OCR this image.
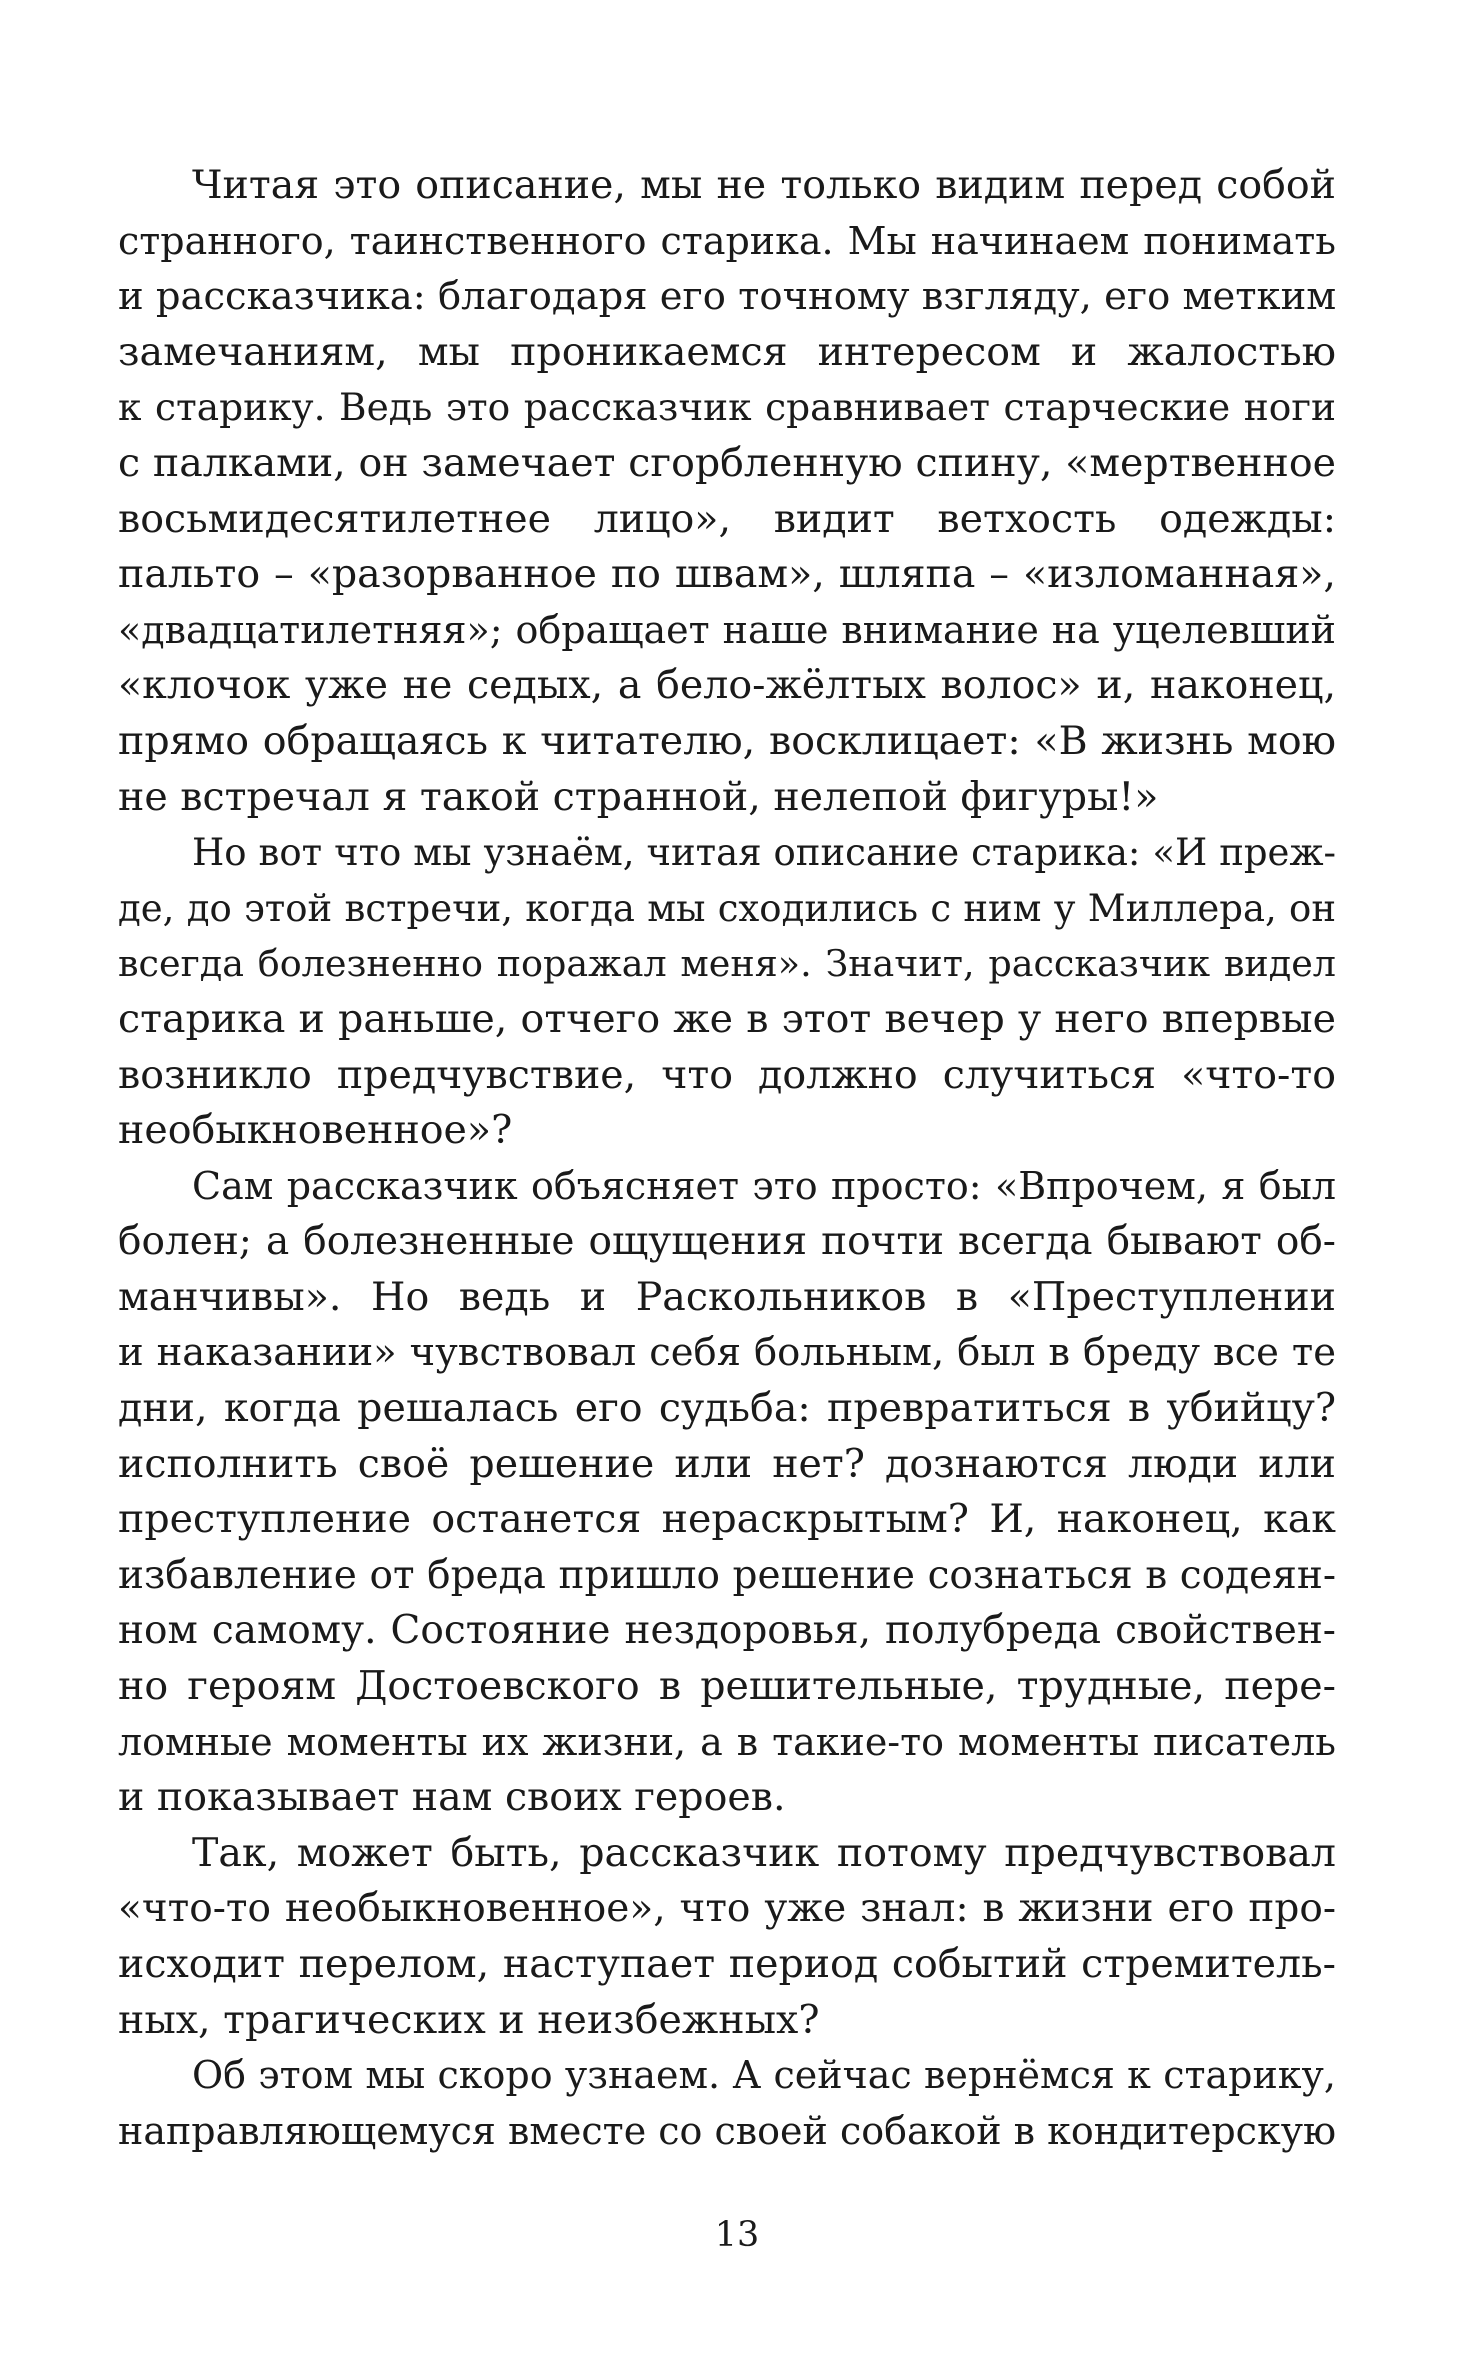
Читая это описание, мы не только видим перед собой
странного, таинственного старика. Мы начинаем понимать
и рассказчика: благодаря его точному взгляду, его метким
замечаниям, мы проникаемся интересом и жалостью
к старику. Ведь это рассказчик сравнивает старческие ноги
с палками, он замечает сгорбленную спину, «мертвенное
восьмидесятилетнее лицо», видит ветхость одежды:
пальто – «разорванное по швам», шляпа – «изломанная»,
«двадцатилетняя»; обращает наше внимание на уцелевший
«клочок уже не седых, а бело-жёлтых волос» и, наконец,
прямо обращаясь к читателю, восклицает: «В жизнь мою
не встречал я такой странной, нелепой фигуры!»
Но вот что мы узнаём, читая описание старика: «И преж-
де, до этой встречи, когда мы сходились с ним у Миллера, он
всегда болезненно поражал меня». Значит, рассказчик видел
старика и раньше, отчего же в этот вечер у него впервые
возникло предчувствие, что должно случиться «что-то
необыкновенное»?
Сам рассказчик объясняет это просто: «Впрочем, я был
болен; а болезненные ощущения почти всегда бывают об-
манчивы». Но ведь и Раскольников в «Преступлении
и наказании» чувствовал себя больным, был в бреду все те
дни, когда решалась его судьба: превратиться в убийцу?
исполнить своё решение или нет? дознаются люди или
преступление останется нераскрытым? И, наконец, как
избавление от бреда пришло решение сознаться в содеян-
ном самому. Состояние нездоровья, полубреда свойствен-
но героям Достоевского в решительные, трудные, пере-
ломные моменты их жизни, а в такие-то моменты писатель
и показывает нам своих героев.
Так, может быть, рассказчик потому предчувствовал
«что-то необыкновенное», что уже знал: в жизни его про-
исходит перелом, наступает период событий стремитель-
ных, трагических и неизбежных?
Об этом мы скоро узнаем. А сейчас вернёмся к старику,
направляющемуся вместе со своей собакой в кондитерскую
13
